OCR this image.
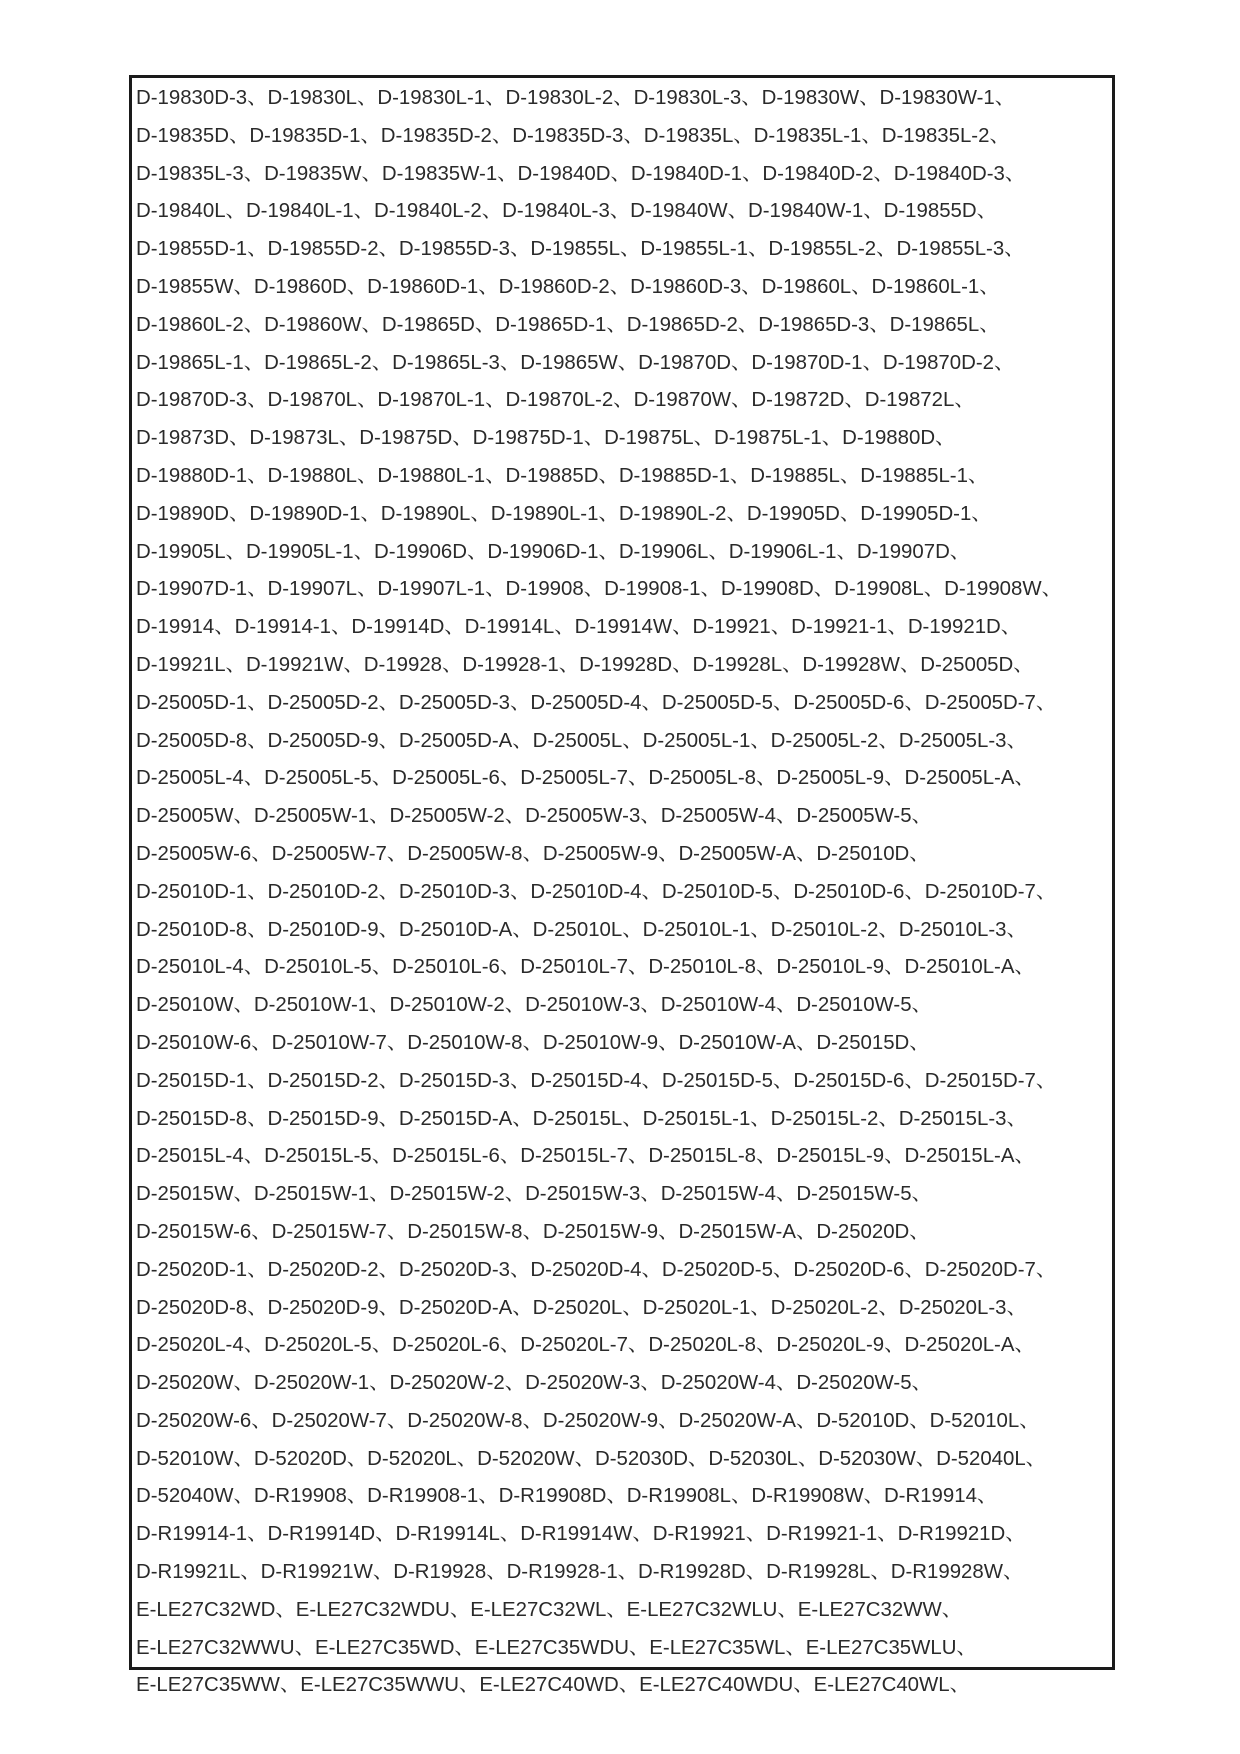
D-19830D-3、D-19830L、D-19830L-1、D-19830L-2、D-19830L-3、D-19830W、D-19830W-1、
D-19835D、D-19835D-1、D-19835D-2、D-19835D-3、D-19835L、D-19835L-1、D-19835L-2、
D-19835L-3、D-19835W、D-19835W-1、D-19840D、D-19840D-1、D-19840D-2、D-19840D-3、
D-19840L、D-19840L-1、D-19840L-2、D-19840L-3、D-19840W、D-19840W-1、D-19855D、
D-19855D-1、D-19855D-2、D-19855D-3、D-19855L、D-19855L-1、D-19855L-2、D-19855L-3、
D-19855W、D-19860D、D-19860D-1、D-19860D-2、D-19860D-3、D-19860L、D-19860L-1、
D-19860L-2、D-19860W、D-19865D、D-19865D-1、D-19865D-2、D-19865D-3、D-19865L、
D-19865L-1、D-19865L-2、D-19865L-3、D-19865W、D-19870D、D-19870D-1、D-19870D-2、
D-19870D-3、D-19870L、D-19870L-1、D-19870L-2、D-19870W、D-19872D、D-19872L、
D-19873D、D-19873L、D-19875D、D-19875D-1、D-19875L、D-19875L-1、D-19880D、
D-19880D-1、D-19880L、D-19880L-1、D-19885D、D-19885D-1、D-19885L、D-19885L-1、
D-19890D、D-19890D-1、D-19890L、D-19890L-1、D-19890L-2、D-19905D、D-19905D-1、
D-19905L、D-19905L-1、D-19906D、D-19906D-1、D-19906L、D-19906L-1、D-19907D、
D-19907D-1、D-19907L、D-19907L-1、D-19908、D-19908-1、D-19908D、D-19908L、D-19908W、
D-19914、D-19914-1、D-19914D、D-19914L、D-19914W、D-19921、D-19921-1、D-19921D、
D-19921L、D-19921W、D-19928、D-19928-1、D-19928D、D-19928L、D-19928W、D-25005D、
D-25005D-1、D-25005D-2、D-25005D-3、D-25005D-4、D-25005D-5、D-25005D-6、D-25005D-7、
D-25005D-8、D-25005D-9、D-25005D-A、D-25005L、D-25005L-1、D-25005L-2、D-25005L-3、
D-25005L-4、D-25005L-5、D-25005L-6、D-25005L-7、D-25005L-8、D-25005L-9、D-25005L-A、
D-25005W、D-25005W-1、D-25005W-2、D-25005W-3、D-25005W-4、D-25005W-5、
D-25005W-6、D-25005W-7、D-25005W-8、D-25005W-9、D-25005W-A、D-25010D、
D-25010D-1、D-25010D-2、D-25010D-3、D-25010D-4、D-25010D-5、D-25010D-6、D-25010D-7、
D-25010D-8、D-25010D-9、D-25010D-A、D-25010L、D-25010L-1、D-25010L-2、D-25010L-3、
D-25010L-4、D-25010L-5、D-25010L-6、D-25010L-7、D-25010L-8、D-25010L-9、D-25010L-A、
D-25010W、D-25010W-1、D-25010W-2、D-25010W-3、D-25010W-4、D-25010W-5、
D-25010W-6、D-25010W-7、D-25010W-8、D-25010W-9、D-25010W-A、D-25015D、
D-25015D-1、D-25015D-2、D-25015D-3、D-25015D-4、D-25015D-5、D-25015D-6、D-25015D-7、
D-25015D-8、D-25015D-9、D-25015D-A、D-25015L、D-25015L-1、D-25015L-2、D-25015L-3、
D-25015L-4、D-25015L-5、D-25015L-6、D-25015L-7、D-25015L-8、D-25015L-9、D-25015L-A、
D-25015W、D-25015W-1、D-25015W-2、D-25015W-3、D-25015W-4、D-25015W-5、
D-25015W-6、D-25015W-7、D-25015W-8、D-25015W-9、D-25015W-A、D-25020D、
D-25020D-1、D-25020D-2、D-25020D-3、D-25020D-4、D-25020D-5、D-25020D-6、D-25020D-7、
D-25020D-8、D-25020D-9、D-25020D-A、D-25020L、D-25020L-1、D-25020L-2、D-25020L-3、
D-25020L-4、D-25020L-5、D-25020L-6、D-25020L-7、D-25020L-8、D-25020L-9、D-25020L-A、
D-25020W、D-25020W-1、D-25020W-2、D-25020W-3、D-25020W-4、D-25020W-5、
D-25020W-6、D-25020W-7、D-25020W-8、D-25020W-9、D-25020W-A、D-52010D、D-52010L、
D-52010W、D-52020D、D-52020L、D-52020W、D-52030D、D-52030L、D-52030W、D-52040L、
D-52040W、D-R19908、D-R19908-1、D-R19908D、D-R19908L、D-R19908W、D-R19914、
D-R19914-1、D-R19914D、D-R19914L、D-R19914W、D-R19921、D-R19921-1、D-R19921D、
D-R19921L、D-R19921W、D-R19928、D-R19928-1、D-R19928D、D-R19928L、D-R19928W、
E-LE27C32WD、E-LE27C32WDU、E-LE27C32WL、E-LE27C32WLU、E-LE27C32WW、
E-LE27C32WWU、E-LE27C35WD、E-LE27C35WDU、E-LE27C35WL、E-LE27C35WLU、
E-LE27C35WW、E-LE27C35WWU、E-LE27C40WD、E-LE27C40WDU、E-LE27C40WL、
